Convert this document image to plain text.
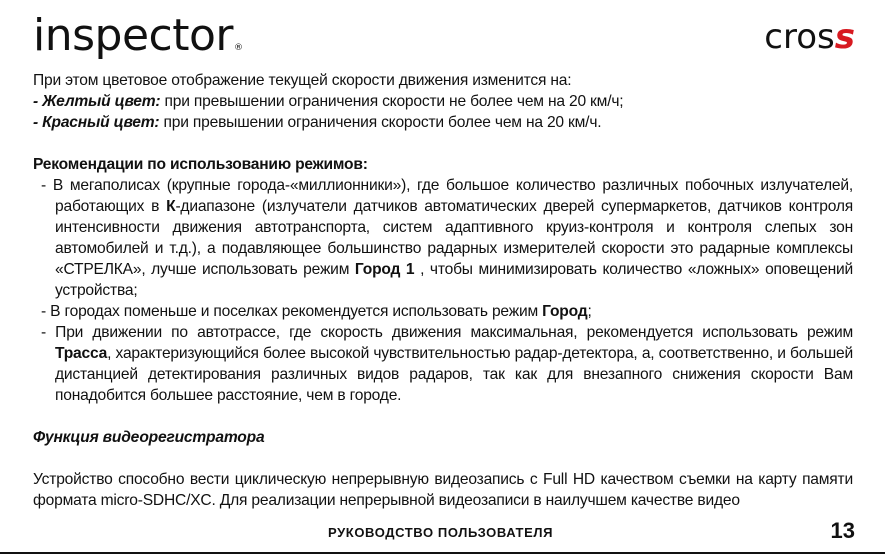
inspector®	cross

При этом цветовое отображение текущей скорости движения изменится на:

- Желтый цвет: при превышении ограничения скорости не более чем на 20 км/ч;

- Красный цвет: при превышении ограничения скорости более чем на 20 км/ч.

Рекомендации по использованию режимов:

- В мегаполисах (крупные города-«миллионники»), где большое количество различных побочных излучателей, работающих в К-диапазоне (излучатели датчиков автоматических дверей супермаркетов, датчиков контроля интенсивности движения автотранспорта, систем адаптивного круиз-контроля и контроля слепых зон автомобилей и т.д.), а подавляющее большинство радарных измерителей скорости это радарные комплексы «СТРЕЛКА», лучше использовать режим Город 1 , чтобы минимизировать количество «ложных» оповещений устройства;

- В городах поменьше и поселках рекомендуется использовать режим Город;

- При движении по автотрассе, где скорость движения максимальная, рекомендуется использовать режим Трасса, характеризующийся более высокой чувствительностью радар-детектора, а, соответственно, и большей дистанцией детектирования различных видов радаров, так как для внезапного снижения скорости Вам понадобится большее расстояние, чем в городе.

Функция видеорегистратора

Устройство способно вести циклическую непрерывную видеозапись с Full HD качеством съемки на карту памяти формата micro-SDHC/XC. Для реализации непрерывной видеозаписи в наилучшем качестве видео

РУКОВОДСТВО ПОЛЬЗОВАТЕЛЯ	13
